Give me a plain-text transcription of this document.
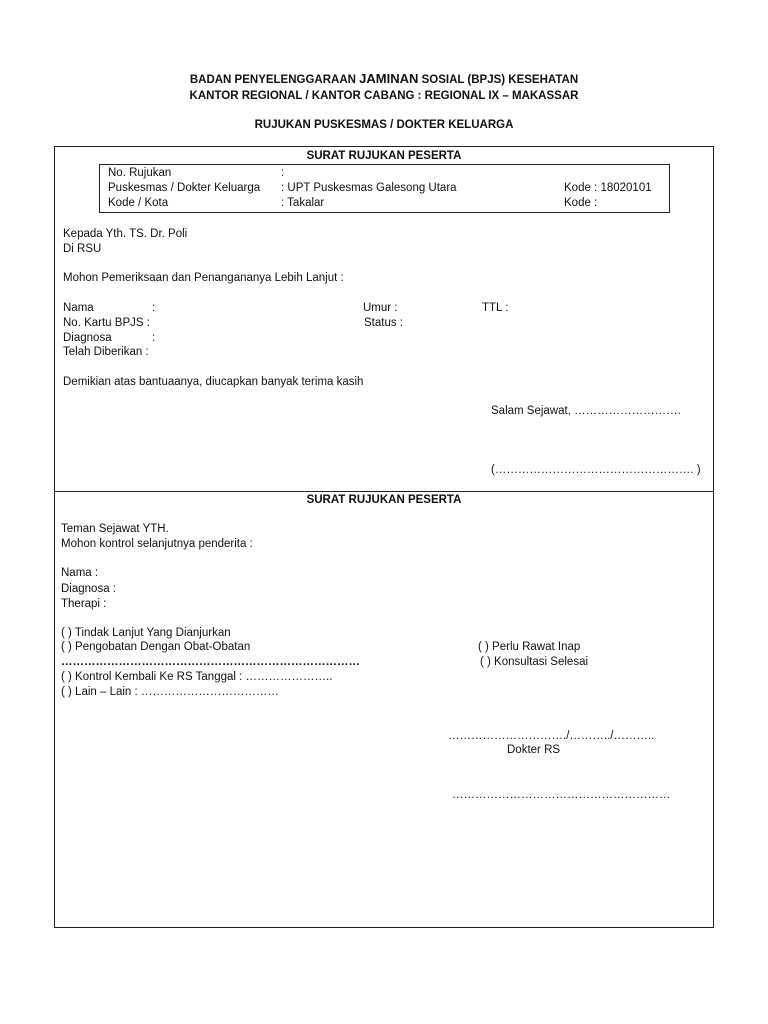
BADAN PENYELENGGARAAN JAMINAN SOSIAL (BPJS) KESEHATAN
KANTOR REGIONAL / KANTOR CABANG : REGIONAL IX – MAKASSAR
RUJUKAN PUSKESMAS / DOKTER KELUARGA
SURAT RUJUKAN PESERTA
No. Rujukan	:
Puskesmas / Dokter Keluarga : UPT Puskesmas Galesong Utara	Kode : 18020101
Kode / Kota	: Takalar	Kode :
Kepada Yth. TS. Dr. Poli
Di RSU
Mohon Pemeriksaan dan Penangananya Lebih Lanjut :
Nama	:	Umur :	TTL :
No. Kartu BPJS :	Status :
Diagnosa	:
Telah Diberikan :
Demikian atas bantuaanya, diucapkan banyak terima kasih
Salam Sejawat, ……………………….
(……………………………………………. )
SURAT RUJUKAN PESERTA
Teman Sejawat YTH.
Mohon kontrol selanjutnya penderita :
Nama :
Diagnosa :
Therapi :
( ) Tindak Lanjut Yang Dianjurkan
( ) Pengobatan Dengan Obat-Obatan	( ) Perlu Rawat Inap
……………………………………………………………………	( ) Konsultasi Selesai
( ) Kontrol Kembali Ke RS Tanggal : …………………..
( ) Lain – Lain : ………………………………
…………………………./………../………..
Dokter RS
…………………………………………………
